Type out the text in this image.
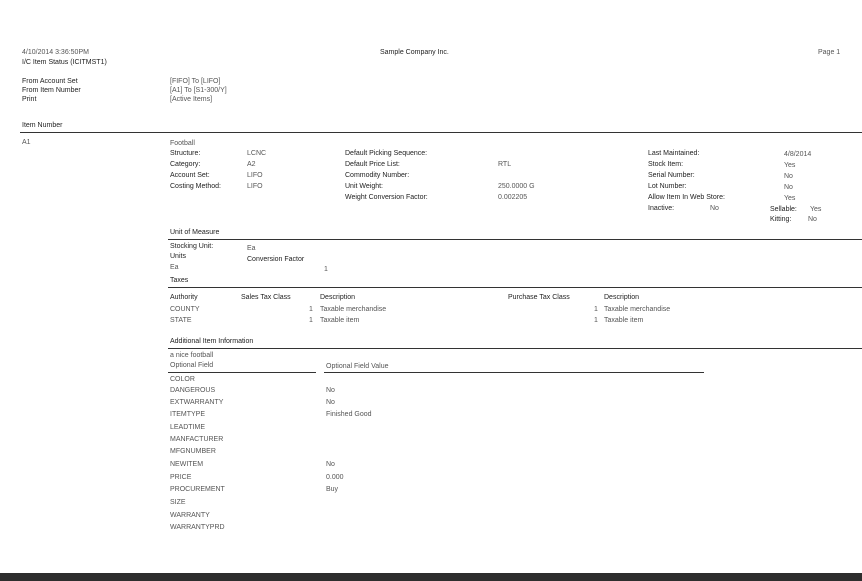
4/10/2014 3:36:50PM
I/C Item Status (ICITMST1)
Sample Company Inc.	Page 1
From Account Set	[FIFO] To [LIFO]
From Item Number	[A1] To [S1-300/Y]
Print	[Active Items]
Item Number
A1	Football
Structure:	LCNC
Category:	A2
Account Set:	LIFO
Costing Method:	LIFO
Default Picking Sequence:
Default Price List:	RTL
Commodity Number:
Unit Weight:	250.0000 G
Weight Conversion Factor:	0.002205
Last Maintained:	4/8/2014
Stock Item:	Yes
Serial Number:	No
Lot Number:	No
Allow Item In Web Store:	Yes
Inactive:	No	Sellable: Yes
Kitting: No
Unit of Measure
Stocking Unit:	Ea
Units	Conversion Factor
Ea	1
Taxes
Authority	Sales Tax Class	Description	Purchase Tax Class	Description
COUNTY	1 Taxable merchandise	1 Taxable merchandise
STATE	1 Taxable item	1 Taxable item
Additional Item Information
a nice football
Optional Field	Optional Field Value
COLOR
DANGEROUS	No
EXTWARRANTY	No
ITEMTYPE	Finished Good
LEADTIME
MANFACTURER
MFGNUMBER
NEWITEM	No
PRICE	0.000
PROCUREMENT	Buy
SIZE
WARRANTY
WARRANTYPRD
